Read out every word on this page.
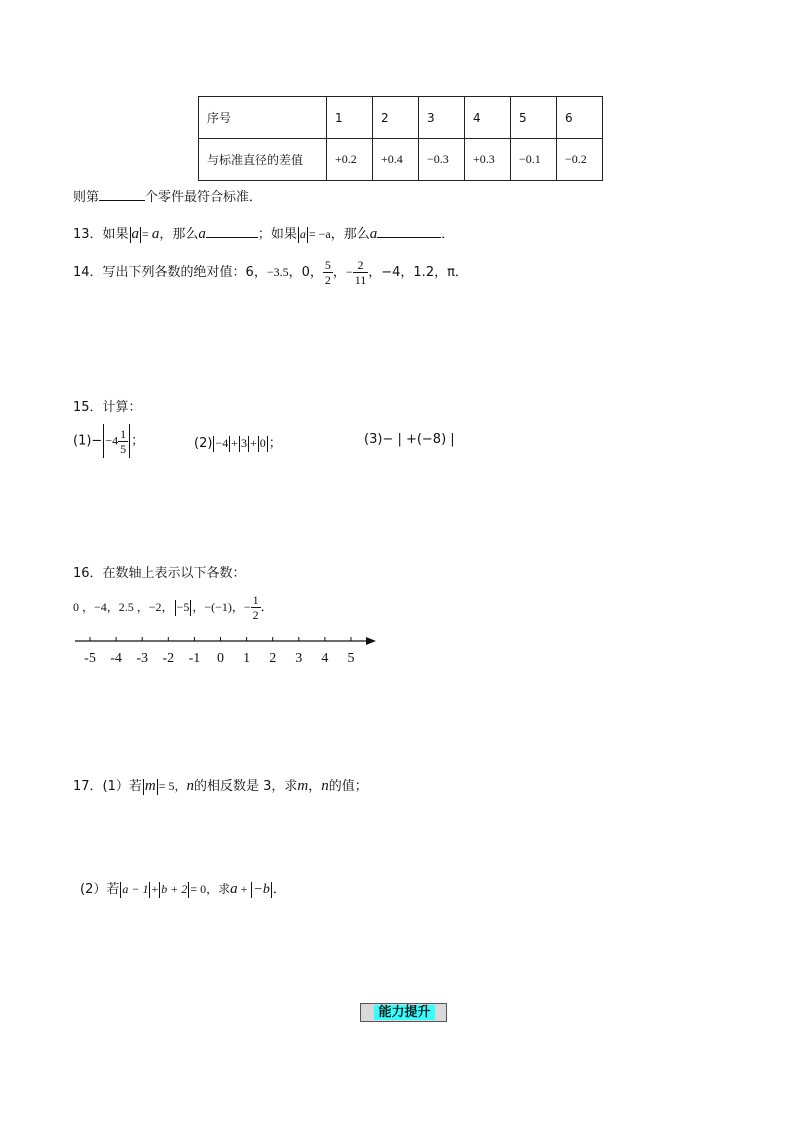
序号	1	2	3	4	5	6
与标准直径的差值	+0.2	+0.4	−0.3	+0.3	−0.1	−0.2
则第	个零件最符合标准．
13．如果 a = a，那么a	；如果 a = −a，那么a	．
14．写出下列各数的绝对值：6，−3.5，0， $\frac{5}{2}$ ，− $\frac{2}{11}$ ，−4，1.2，π．
15．计算：
$(1)- -4 \frac{1}{5}$ ；	(2) −4 + 3 + 0 ；	(3)− | +(−8) |
16．在数轴上表示以下各数：
0 ，−4，2.5 ，−2， −5 ，−(−1)，− $\frac{1}{2}$ ．
-5 -4 -3 -2 -1 0 1 2 3 4 5
17．(1）若 m = 5，n的相反数是 3，求m，n的值；
(2）若 a − 1 + b + 2 = 0，求a + −b ．
能力提升
